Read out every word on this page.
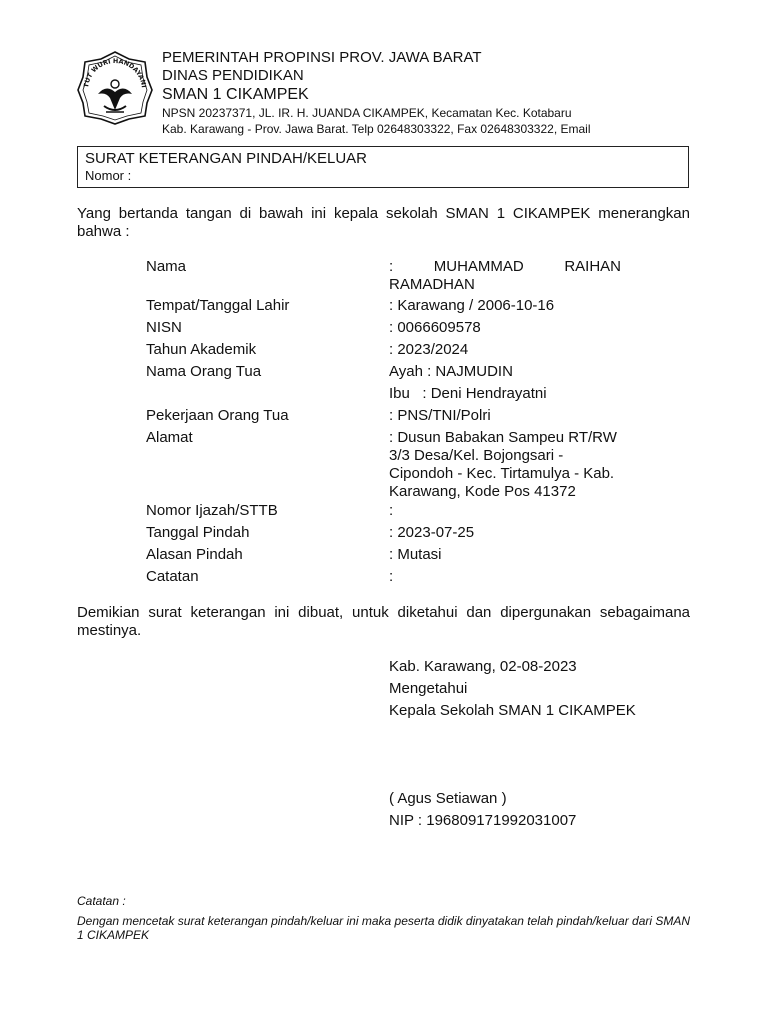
TUT WURI HANDAYANI
PEMERINTAH PROPINSI PROV. JAWA BARAT
DINAS PENDIDIKAN
SMAN 1 CIKAMPEK
NPSN 20237371, JL. IR. H. JUANDA CIKAMPEK, Kecamatan Kec. Kotabaru
Kab. Karawang - Prov. Jawa Barat. Telp 02648303322, Fax 02648303322, Email
SURAT KETERANGAN PINDAH/KELUAR
Nomor :
Yang bertanda tangan di bawah ini kepala sekolah SMAN 1 CIKAMPEK menerangkan bahwa :
Nama	: MUHAMMAD RAIHAN RAMADHAN
Tempat/Tanggal Lahir	: Karawang / 2006-10-16
NISN	: 0066609578
Tahun Akademik	: 2023/2024
Nama Orang Tua	Ayah : NAJMUDIN
Ibu   : Deni Hendrayatni
Pekerjaan Orang Tua	: PNS/TNI/Polri
Alamat	: Dusun Babakan Sampeu RT/RW 3/3 Desa/Kel. Bojongsari - Cipondoh - Kec. Tirtamulya - Kab. Karawang, Kode Pos 41372
Nomor Ijazah/STTB	:
Tanggal Pindah	: 2023-07-25
Alasan Pindah	: Mutasi
Catatan	:
Demikian surat keterangan ini dibuat, untuk diketahui dan dipergunakan sebagaimana mestinya.
Kab. Karawang, 02-08-2023
Mengetahui
Kepala Sekolah SMAN 1 CIKAMPEK
( Agus Setiawan )
NIP : 196809171992031007
Catatan :
Dengan mencetak surat keterangan pindah/keluar ini maka peserta didik dinyatakan telah pindah/keluar dari SMAN 1 CIKAMPEK
